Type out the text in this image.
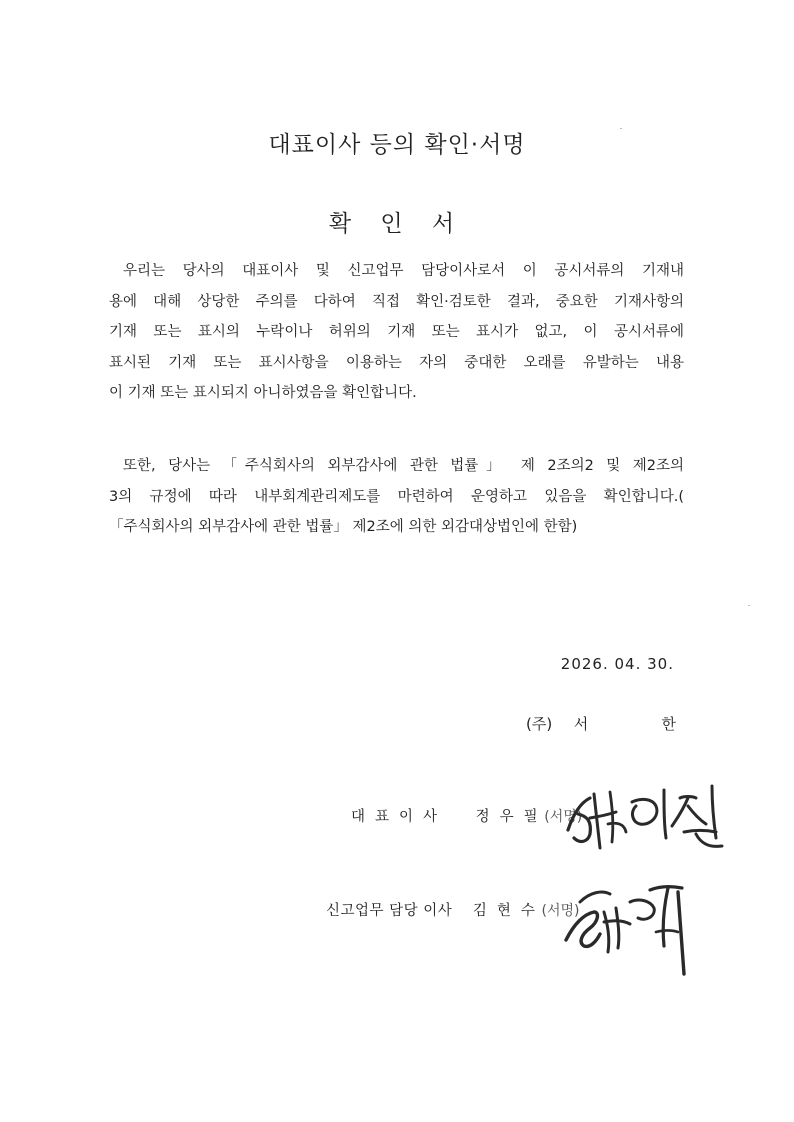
대표이사 등의 확인·서명
확 인 서
우리는 당사의 대표이사 및 신고업무 담당이사로서 이 공시서류의 기재내
용에 대해 상당한 주의를 다하여 직접 확인·검토한 결과, 중요한 기재사항의
기재 또는 표시의 누락이나 허위의 기재 또는 표시가 없고, 이 공시서류에
표시된 기재 또는 표시사항을 이용하는 자의 중대한 오래를 유발하는 내용
이 기재 또는 표시되지 아니하였음을 확인합니다.
또한, 당사는 「주식회사의 외부감사에 관한 법률」 제 2조의2 및 제2조의
3의 규정에 따라 내부회계관리제도를 마련하여 운영하고 있음을 확인합니다.(
「주식회사의 외부감사에 관한 법률」 제2조에 의한 외감대상법인에 한함)
2026. 04. 30.
(주) 서	한
대표이사 정우필 (서명)
신고업무 담당 이사 김현수 (서명)
